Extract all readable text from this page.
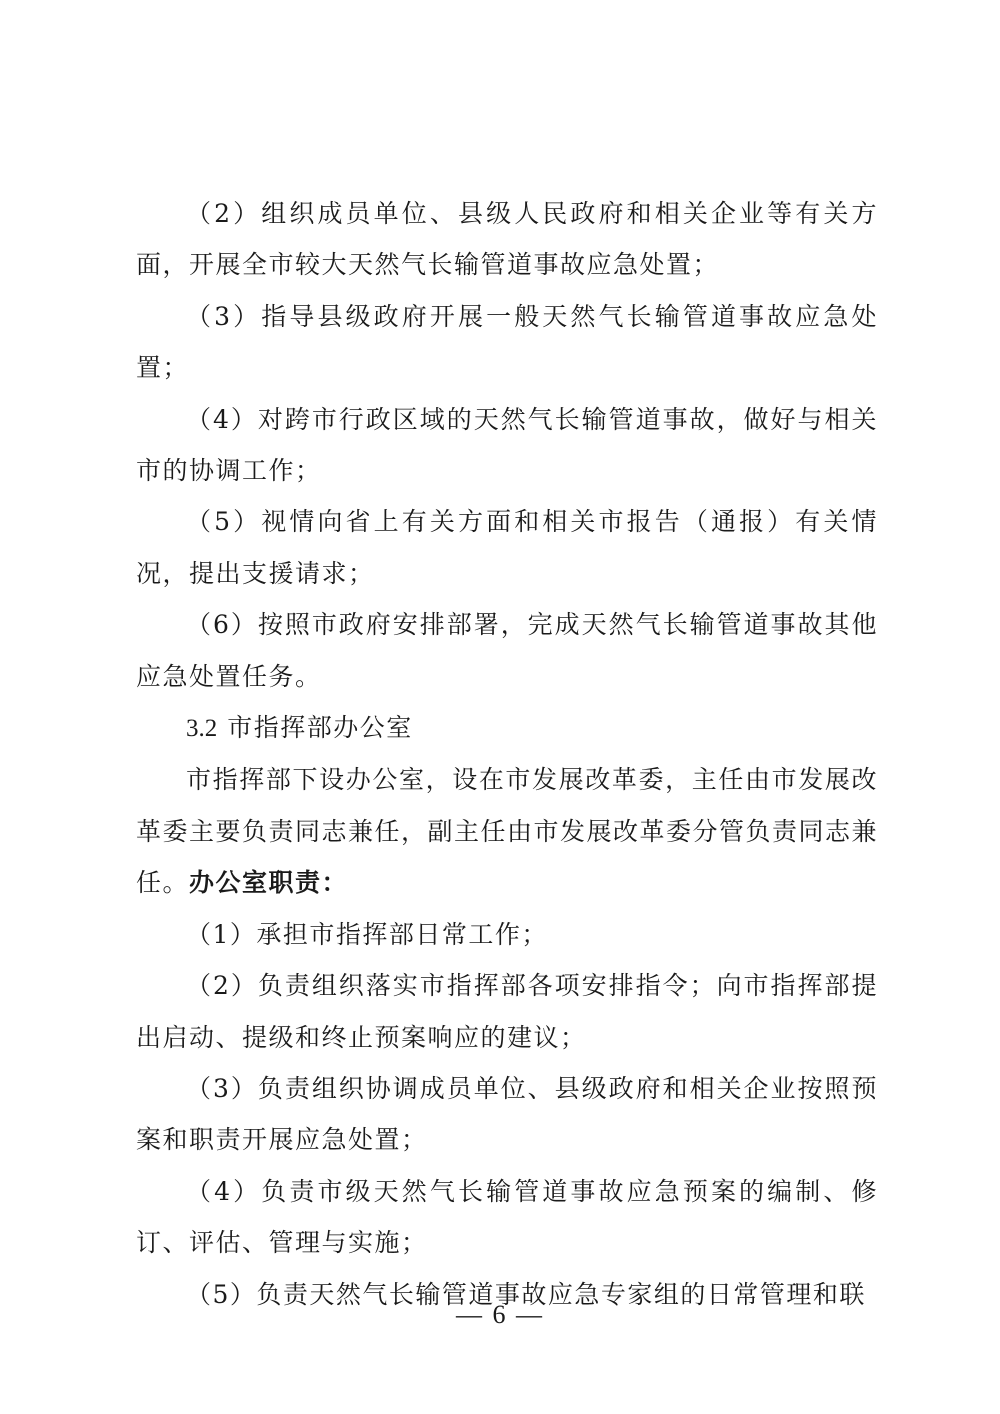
（2）组织成员单位、县级人民政府和相关企业等有关方面，开展全市较大天然气长输管道事故应急处置；

（3）指导县级政府开展一般天然气长输管道事故应急处置；

（4）对跨市行政区域的天然气长输管道事故，做好与相关市的协调工作；

（5）视情向省上有关方面和相关市报告（通报）有关情况，提出支援请求；

（6）按照市政府安排部署，完成天然气长输管道事故其他应急处置任务。

3.2 市指挥部办公室

市指挥部下设办公室，设在市发展改革委，主任由市发展改革委主要负责同志兼任，副主任由市发展改革委分管负责同志兼任。办公室职责：

（1）承担市指挥部日常工作；

（2）负责组织落实市指挥部各项安排指令；向市指挥部提出启动、提级和终止预案响应的建议；

（3）负责组织协调成员单位、县级政府和相关企业按照预案和职责开展应急处置；

（4）负责市级天然气长输管道事故应急预案的编制、修订、评估、管理与实施；

（5）负责天然气长输管道事故应急专家组的日常管理和联

— 6 —
